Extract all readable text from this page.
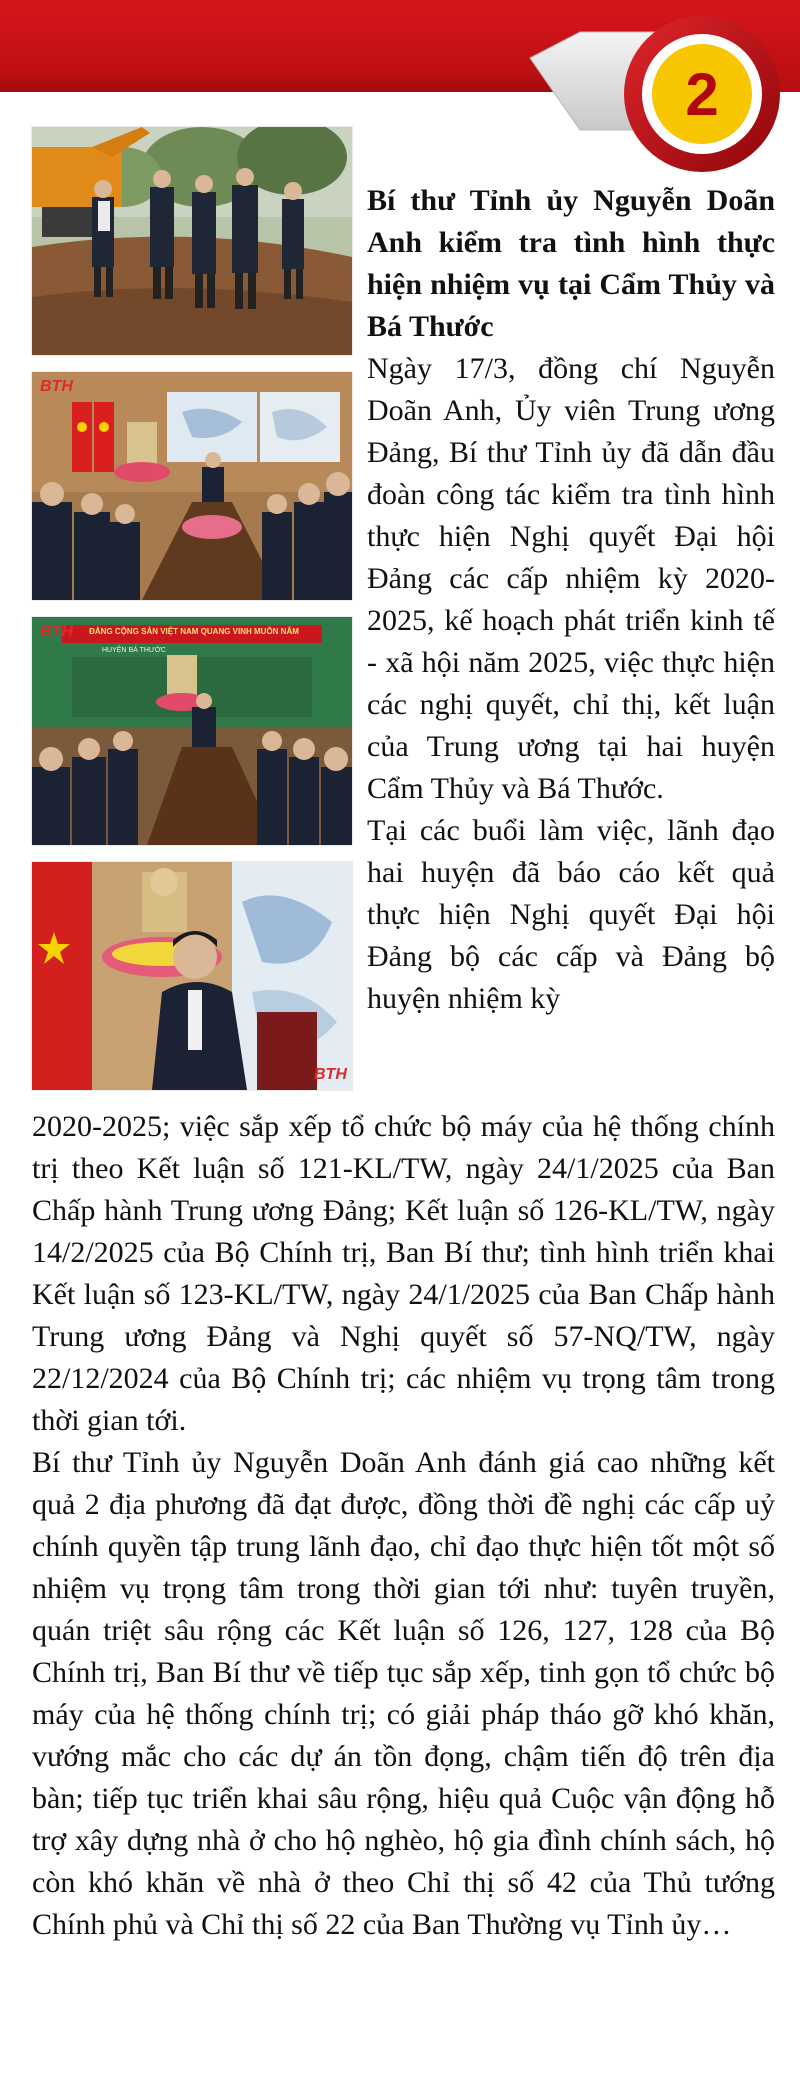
2
BTH
BTH	ĐẢNG CỘNG SẢN VIỆT NAM QUANG VINH MUÔN NĂM
HUYỆN BÁ THƯỚC
BTH

Bí thư Tỉnh ủy Nguyễn Doãn Anh kiểm tra tình hình thực hiện nhiệm vụ tại Cẩm Thủy và Bá Thước

Ngày 17/3, đồng chí Nguyễn Doãn Anh, Ủy viên Trung ương Đảng, Bí thư Tỉnh ủy đã dẫn đầu đoàn công tác kiểm tra tình hình thực hiện Nghị quyết Đại hội Đảng các cấp nhiệm kỳ 2020-2025, kế hoạch phát triển kinh tế - xã hội năm 2025, việc thực hiện các nghị quyết, chỉ thị, kết luận của Trung ương tại hai huyện Cẩm Thủy và Bá Thước.

Tại các buổi làm việc, lãnh đạo hai huyện đã báo cáo kết quả thực hiện Nghị quyết Đại hội Đảng bộ các cấp và Đảng bộ huyện nhiệm kỳ

2020-2025; việc sắp xếp tổ chức bộ máy của hệ thống chính trị theo Kết luận số 121-KL/TW, ngày 24/1/2025 của Ban Chấp hành Trung ương Đảng; Kết luận số 126-KL/TW, ngày 14/2/2025 của Bộ Chính trị, Ban Bí thư; tình hình triển khai Kết luận số 123-KL/TW, ngày 24/1/2025 của Ban Chấp hành Trung ương Đảng và Nghị quyết số 57-NQ/TW, ngày 22/12/2024 của Bộ Chính trị; các nhiệm vụ trọng tâm trong thời gian tới.

Bí thư Tỉnh ủy Nguyễn Doãn Anh đánh giá cao những kết quả 2 địa phương đã đạt được, đồng thời đề nghị các cấp uỷ chính quyền tập trung lãnh đạo, chỉ đạo thực hiện tốt một số nhiệm vụ trọng tâm trong thời gian tới như: tuyên truyền, quán triệt sâu rộng các Kết luận số 126, 127, 128 của Bộ Chính trị, Ban Bí thư về tiếp tục sắp xếp, tinh gọn tổ chức bộ máy của hệ thống chính trị; có giải pháp tháo gỡ khó khăn, vướng mắc cho các dự án tồn đọng, chậm tiến độ trên địa bàn; tiếp tục triển khai sâu rộng, hiệu quả Cuộc vận động hỗ trợ xây dựng nhà ở cho hộ nghèo, hộ gia đình chính sách, hộ còn khó khăn về nhà ở theo Chỉ thị số 42 của Thủ tướng Chính phủ và Chỉ thị số 22 của Ban Thường vụ Tỉnh ủy…
